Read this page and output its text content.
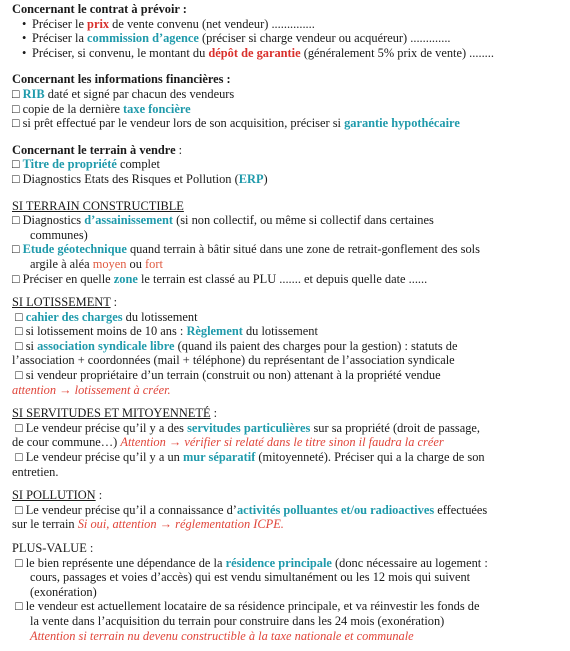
Concernant le contrat à prévoir :

• Préciser le prix de vente convenu (net vendeur) ..............

• Préciser la commission d’agence (préciser si charge vendeur ou acquéreur) .............

• Préciser, si convenu, le montant du dépôt de garantie (généralement 5% prix de vente) ........

Concernant les informations financières :

□ RIB daté et signé par chacun des vendeurs

□ copie de la dernière taxe foncière

□ si prêt effectué par le vendeur lors de son acquisition, préciser si garantie hypothécaire

Concernant le terrain à vendre :

□ Titre de propriété complet

□ Diagnostics Etats des Risques et Pollution (ERP)

SI TERRAIN CONSTRUCTIBLE

□ Diagnostics d’assainissement (si non collectif, ou même si collectif dans certaines

communes)

□ Etude géotechnique quand terrain à bâtir situé dans une zone de retrait-gonflement des sols

argile à aléa moyen ou fort

□ Préciser en quelle zone le terrain est classé au PLU ....... et depuis quelle date ......

SI LOTISSEMENT :

□ cahier des charges du lotissement

□ si lotissement moins de 10 ans : Règlement du lotissement

□ si association syndicale libre (quand ils paient des charges pour la gestion) : statuts de

l’association + coordonnées (mail + téléphone) du représentant de l’association syndicale

□ si vendeur propriétaire d’un terrain (construit ou non) attenant à la propriété vendue

attention → lotissement à créer.

SI SERVITUDES ET MITOYENNETÉ :

□ Le vendeur précise qu’il y a des servitudes particulières sur sa propriété (droit de passage,

de cour commune…) Attention → vérifier si relaté dans le titre sinon il faudra la créer

□ Le vendeur précise qu’il y a un mur séparatif (mitoyenneté). Préciser qui a la charge de son

entretien.

SI POLLUTION :

□ Le vendeur précise qu’il a connaissance d’activités polluantes et/ou radioactives effectuées

sur le terrain Si oui, attention → réglementation ICPE.

PLUS-VALUE :

□ le bien représente une dépendance de la résidence principale (donc nécessaire au logement :

cours, passages et voies d’accès) qui est vendu simultanément ou les 12 mois qui suivent

(exonération)

□ le vendeur est actuellement locataire de sa résidence principale, et va réinvestir les fonds de

la vente dans l’acquisition du terrain pour construire dans les 24 mois (exonération)

Attention si terrain nu devenu constructible à la taxe nationale et communale
